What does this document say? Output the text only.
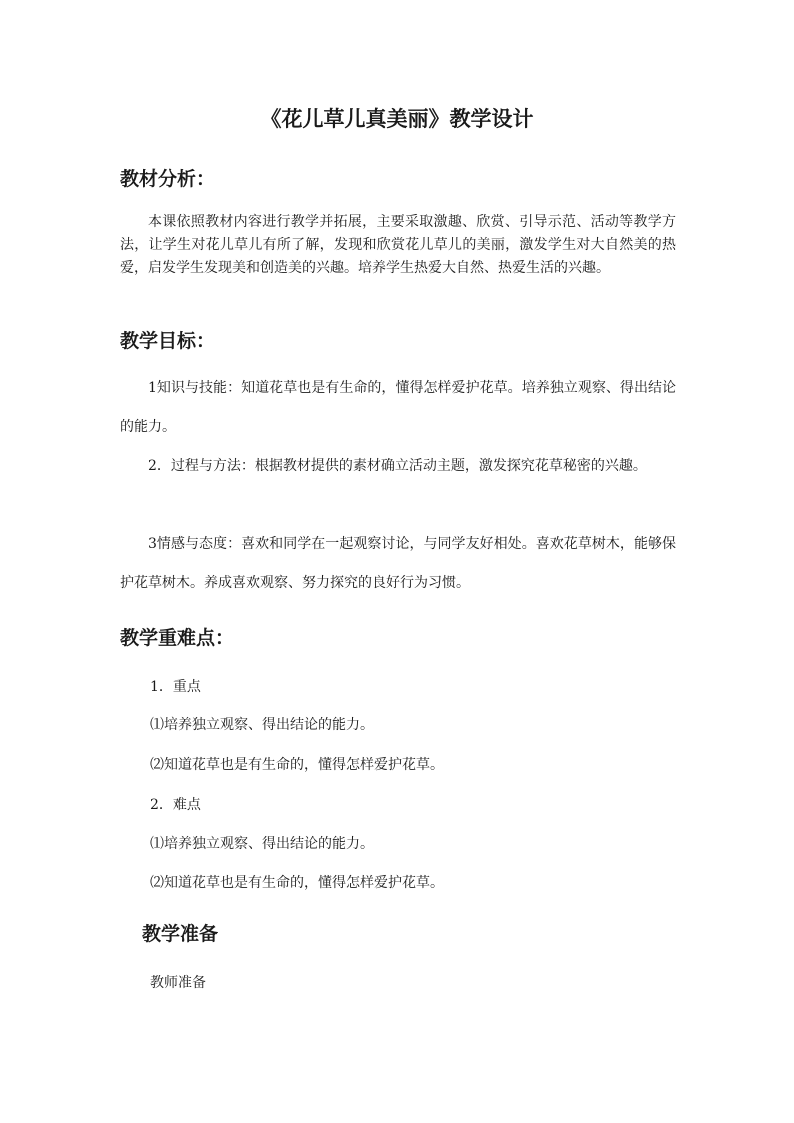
《花儿草儿真美丽》教学设计
教材分析：
本课依照教材内容进行教学并拓展，主要采取激趣、欣赏、引导示范、活动等教学方法，让学生对花儿草儿有所了解，发现和欣赏花儿草儿的美丽，激发学生对大自然美的热爱，启发学生发现美和创造美的兴趣。培养学生热爱大自然、热爱生活的兴趣。
教学目标：
1知识与技能：知道花草也是有生命的，懂得怎样爱护花草。培养独立观察、得出结论的能力。
2．过程与方法：根据教材提供的素材确立活动主题，激发探究花草秘密的兴趣。
3情感与态度：喜欢和同学在一起观察讨论，与同学友好相处。喜欢花草树木，能够保护花草树木。养成喜欢观察、努力探究的良好行为习惯。
教学重难点：
1．重点
⑴培养独立观察、得出结论的能力。
⑵知道花草也是有生命的，懂得怎样爱护花草。
2．难点
⑴培养独立观察、得出结论的能力。
⑵知道花草也是有生命的，懂得怎样爱护花草。
教学准备
教师准备
